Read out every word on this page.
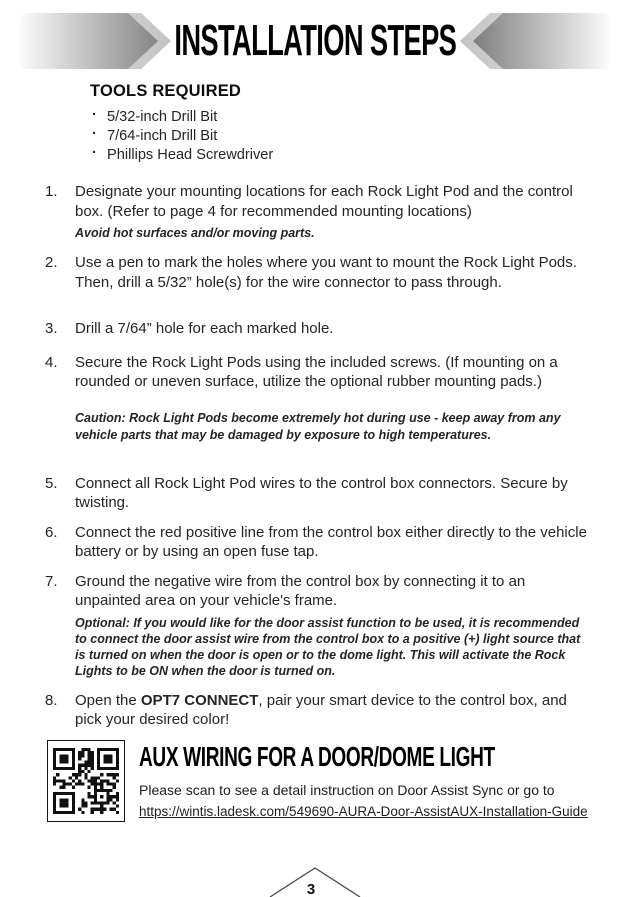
INSTALLATION STEPS
TOOLS REQUIRED
· 5/32-inch Drill Bit
· 7/64-inch Drill Bit
· Phillips Head Screwdriver
1.	Designate your mounting locations for each Rock Light Pod and the control box. (Refer to page 4 for recommended mounting locations)
Avoid hot surfaces and/or moving parts.
2.	Use a pen to mark the holes where you want to mount the Rock Light Pods. Then, drill a 5/32” hole(s) for the wire connector to pass through.
3.	Drill a 7/64” hole for each marked hole.
4.	Secure the Rock Light Pods using the included screws. (If mounting on a rounded or uneven surface, utilize the optional rubber mounting pads.)
Caution: Rock Light Pods become extremely hot during use - keep away from any vehicle parts that may be damaged by exposure to high temperatures.
5.	Connect all Rock Light Pod wires to the control box connectors. Secure by twisting.
6.	Connect the red positive line from the control box either directly to the vehicle battery or by using an open fuse tap.
7.	Ground the negative wire from the control box by connecting it to an unpainted area on your vehicle's frame.
Optional: If you would like for the door assist function to be used, it is recommended to connect the door assist wire from the control box to a positive (+) light source that is turned on when the door is open or to the dome light. This will activate the Rock Lights to be ON when the door is turned on.
8.	Open the OPT7 CONNECT, pair your smart device to the control box, and pick your desired color!
AUX WIRING FOR A DOOR/DOME LIGHT
Please scan to see a detail instruction on Door Assist Sync or go to
https://wintis.ladesk.com/549690-AURA-Door-AssistAUX-Installation-Guide
3
